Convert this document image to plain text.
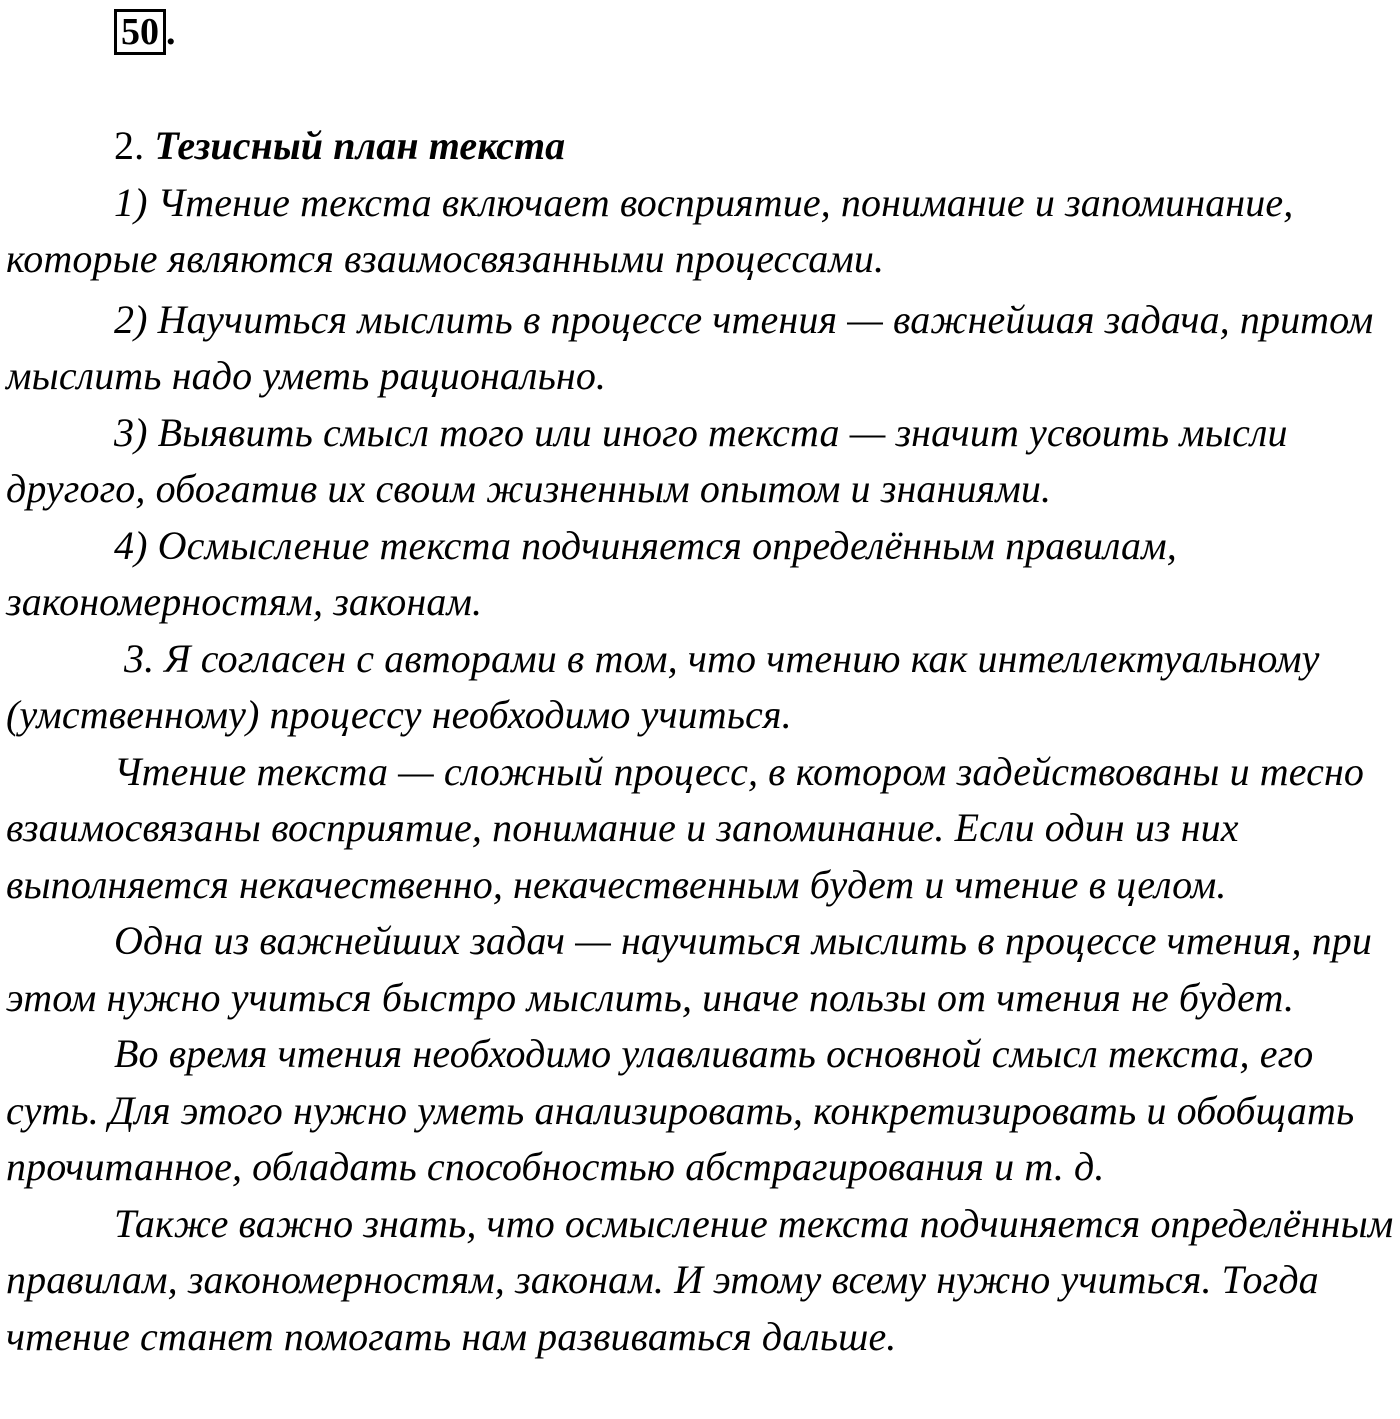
50 .

2. Тезисный план текста

1) Чтение текста включает восприятие, понимание и запоминание, которые являются взаимосвязанными процессами.

2) Научиться мыслить в процессе чтения — важнейшая задача, притом мыслить надо уметь рационально.

3) Выявить смысл того или иного текста — значит усвоить мысли другого, обогатив их своим жизненным опытом и знаниями.

4) Осмысление текста подчиняется определённым правилам, закономерностям, законам.

3. Я согласен с авторами в том, что чтению как интеллектуальному (умственному) процессу необходимо учиться.

Чтение текста — сложный процесс, в котором задействованы и тесно взаимосвязаны восприятие, понимание и запоминание. Если один из них выполняется некачественно, некачественным будет и чтение в целом.

Одна из важнейших задач — научиться мыслить в процессе чтения, при этом нужно учиться быстро мыслить, иначе пользы от чтения не будет.

Во время чтения необходимо улавливать основной смысл текста, его суть. Для этого нужно уметь анализировать, конкретизировать и обобщать прочитанное, обладать способностью абстрагирования и т. д.

Также важно знать, что осмысление текста подчиняется определённым правилам, закономерностям, законам. И этому всему нужно учиться. Тогда чтение станет помогать нам развиваться дальше.
